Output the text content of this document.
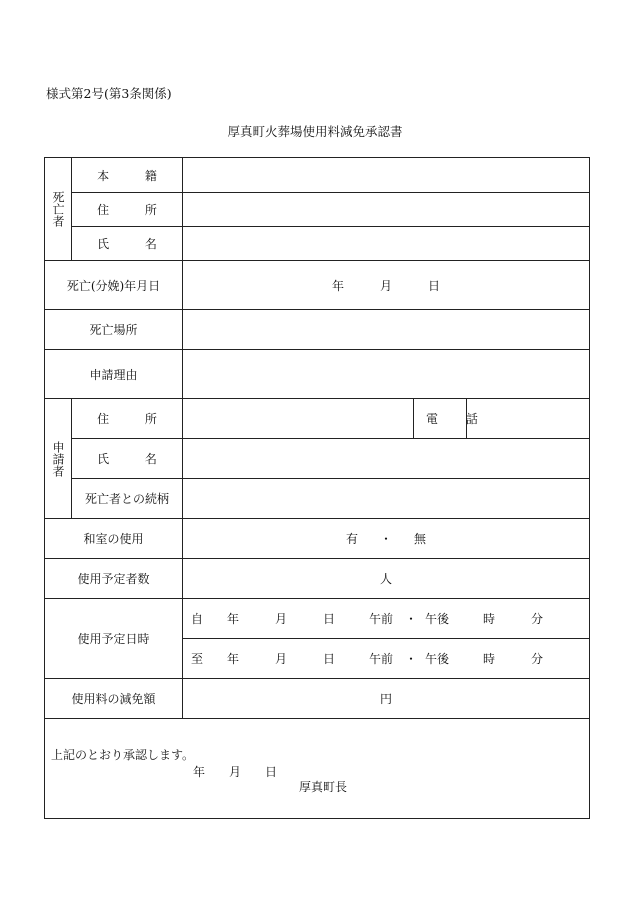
様式第2号(第3条関係)
厚真町火葬場使用料減免承認書
死亡者	本 籍			
	住 所			
	氏 名			
死亡(分娩)年月日		年 月 日		
死亡場所				
申請理由				

申請者	住 所		電 話	
	氏 名			
	死亡者との続柄			
和室の使用		有 ・ 無		
使用予定者数		人		
使用予定日時		自 年 月 日 午前 ・ 午後 時 分		
		至 年 月 日 午前 ・ 午後 時 分		
使用料の減免額		円		

上記のとおり承認します。
年 月 日
厚真町長				
